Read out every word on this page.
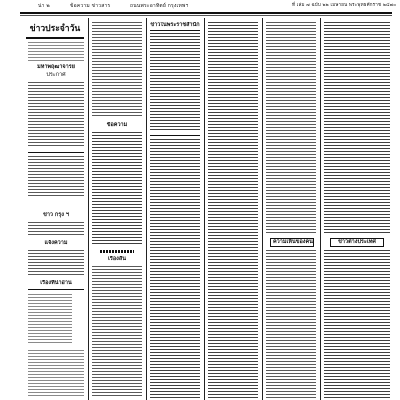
น่า ๒	ข้อความ ข่าวสาร	ถนนพระอาทิตย์ กรุงเทพฯ	ที่ เล่ม ๗ ฉบับ ๒๒ เมษายน พระพุทธศักราช ๒๔๗๐
ข่าวประจำวัน
มหาพฤฒาจารย
ประกาศ
ข่าว กรุง ฯ
แจ้งความ
เรื่องที่น่าอ่าน
ข้อความ
เรื่องสั้น
ข่าวในพระราชสำนัก
ความเห็นของคน	ข่าวต่างประเทศ
